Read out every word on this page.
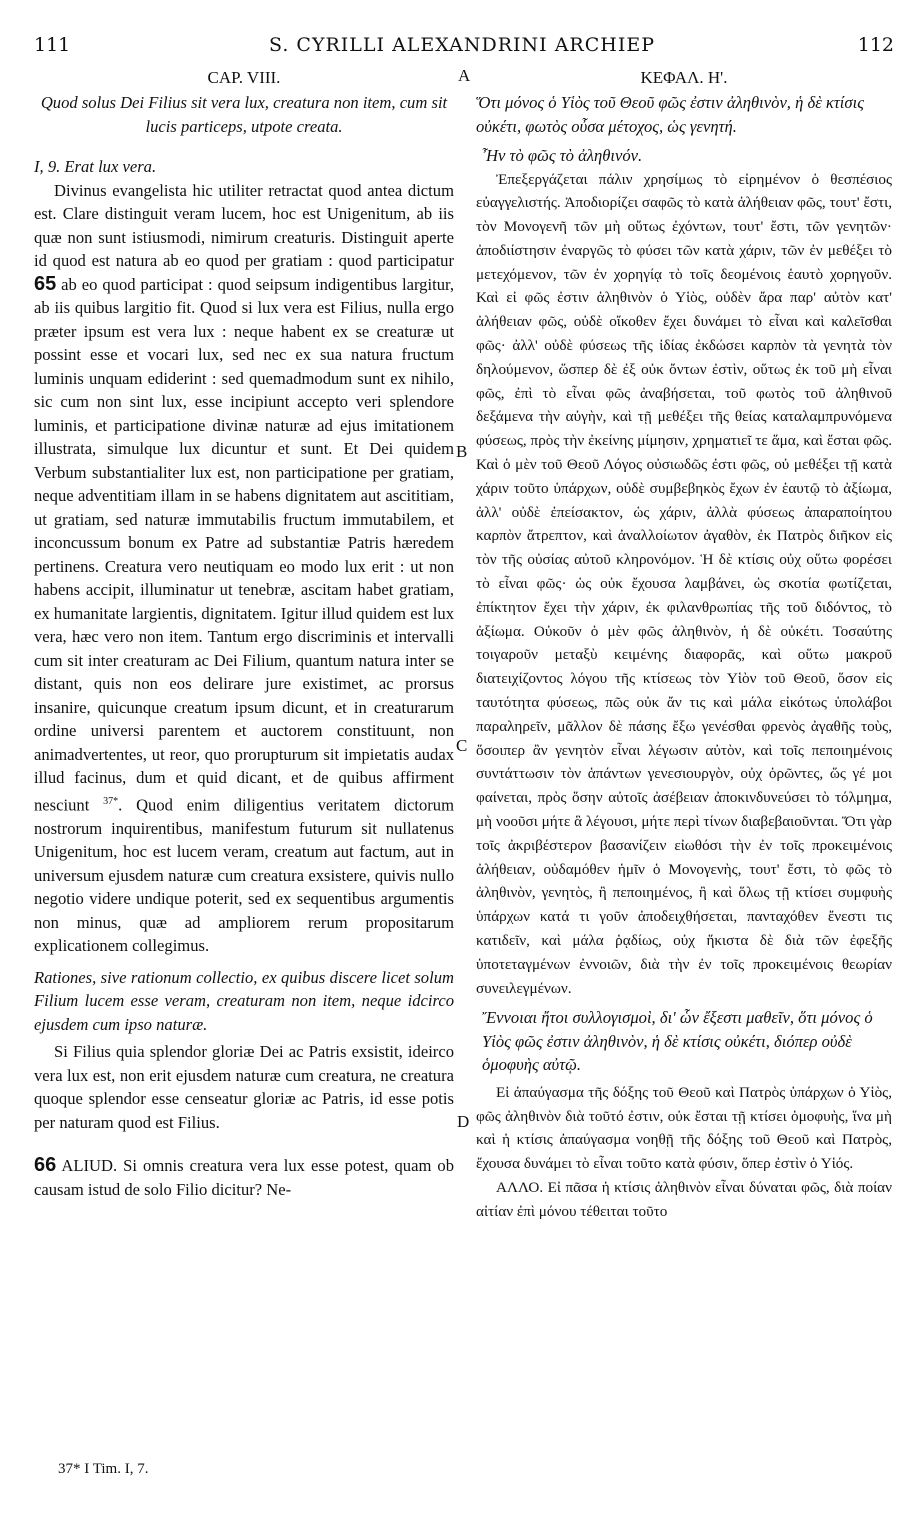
111	S. CYRILLI ALEXANDRINI ARCHIEP	112
A
B
C
D

CAP. VIII.

Quod solus Dei Filius sit vera lux, creatura non item, cum sit lucis particeps, utpote creata.

I, 9. Erat lux vera.

Divinus evangelista hic utiliter retractat quod antea dictum est. Clare distinguit veram lucem, hoc est Unigenitum, ab iis quæ non sunt istiusmodi, nimirum creaturis. Distinguit aperte id quod est natura ab eo quod per gratiam : quod participatur 65 ab eo quod participat : quod seipsum indigentibus largitur, ab iis quibus largitio fit. Quod si lux vera est Filius, nulla ergo præter ipsum est vera lux : neque habent ex se creaturæ ut possint esse et vocari lux, sed nec ex sua natura fructum luminis unquam ediderint : sed quemadmodum sunt ex nihilo, sic cum non sint lux, esse incipiunt accepto veri splendore luminis, et participatione divinæ naturæ ad ejus imitationem illustrata, simulque lux dicuntur et sunt. Et Dei quidem Verbum substantialiter lux est, non participatione per gratiam, neque adventitiam illam in se habens dignitatem aut ascititiam, ut gratiam, sed naturæ immutabilis fructum immutabilem, et inconcussum bonum ex Patre ad substantiæ Patris hæredem pertinens. Creatura vero neutiquam eo modo lux erit : ut non habens accipit, illuminatur ut tenebræ, ascitam habet gratiam, ex humanitate largientis, dignitatem. Igitur illud quidem est lux vera, hæc vero non item. Tantum ergo discriminis et intervalli cum sit inter creaturam ac Dei Filium, quantum natura inter se distant, quis non eos delirare jure existimet, ac prorsus insanire, quicunque creatum ipsum dicunt, et in creaturarum ordine universi parentem et auctorem constituunt, non animadvertentes, ut reor, quo prorupturum sit impietatis audax illud facinus, dum et quid dicant, et de quibus affirment nesciunt $^{37*}$. Quod enim diligentius veritatem dictorum nostrorum inquirentibus, manifestum futurum sit nullatenus Unigenitum, hoc est lucem veram, creatum aut factum, aut in universum ejusdem naturæ cum creatura exsistere, quivis nullo negotio videre undique poterit, sed ex sequentibus argumentis non minus, quæ ad ampliorem rerum propositarum explicationem collegimus.

Rationes, sive rationum collectio, ex quibus discere licet solum Filium lucem esse veram, creaturam non item, neque idcirco ejusdem cum ipso naturæ.

Si Filius quia splendor gloriæ Dei ac Patris exsistit, ideirco vera lux est, non erit ejusdem naturæ cum creatura, ne creatura quoque splendor esse censeatur gloriæ ac Patris, id esse potis per naturam quod est Filius.

66 ALIUD. Si omnis creatura vera lux esse potest, quam ob causam istud de solo Filio dicitur? Ne-

37* I Tim. I, 7.

ΚΕΦΑΛ. Η'.

Ὅτι μόνος ὁ Υἱὸς τοῦ Θεοῦ φῶς ἐστιν ἀληθινὸν, ἡ δὲ κτίσις οὐκέτι, φωτὸς οὖσα μέτοχος, ὡς γενητή.

Ἦν τὸ φῶς τὸ ἀληθινόν.

Ἐπεξεργάζεται πάλιν χρησίμως τὸ εἰρημένον ὁ θεσπέσιος εὐαγγελιστής. Ἀποδιορίζει σαφῶς τὸ κατὰ ἀλήθειαν φῶς, τουτ' ἔστι, τὸν Μονογενῆ τῶν μὴ οὕτως ἐχόντων, τουτ' ἔστι, τῶν γενητῶν· ἀποδιίστησιν ἐναργῶς τὸ φύσει τῶν κατὰ χάριν, τῶν ἐν μεθέξει τὸ μετεχόμενον, τῶν ἐν χορηγίᾳ τὸ τοῖς δεομένοις ἑαυτὸ χορηγοῦν. Καὶ εἰ φῶς ἐστιν ἀληθινὸν ὁ Υἱὸς, οὐδὲν ἄρα παρ' αὐτὸν κατ' ἀλήθειαν φῶς, οὐδὲ οἴκοθεν ἔχει δυνάμει τὸ εἶναι καὶ καλεῖσθαι φῶς· ἀλλ' οὐδὲ φύσεως τῆς ἰδίας ἐκδώσει καρπὸν τὰ γενητὰ τὸν δηλούμενον, ὥσπερ δὲ ἐξ οὐκ ὄντων ἐστὶν, οὕτως ἐκ τοῦ μὴ εἶναι φῶς, ἐπὶ τὸ εἶναι φῶς ἀναβήσεται, τοῦ φωτὸς τοῦ ἀληθινοῦ δεξάμενα τὴν αὐγὴν, καὶ τῇ μεθέξει τῆς θείας καταλαμπρυνόμενα φύσεως, πρὸς τὴν ἐκείνης μίμησιν, χρηματιεῖ τε ἅμα, καὶ ἔσται φῶς. Καὶ ὁ μὲν τοῦ Θεοῦ Λόγος οὐσιωδῶς ἐστι φῶς, οὐ μεθέξει τῇ κατὰ χάριν τοῦτο ὑπάρχων, οὐδὲ συμβεβηκὸς ἔχων ἐν ἑαυτῷ τὸ ἀξίωμα, ἀλλ' οὐδὲ ἐπείσακτον, ὡς χάριν, ἀλλὰ φύσεως ἀπαραποίητου καρπὸν ἄτρεπτον, καὶ ἀναλλοίωτον ἀγαθὸν, ἐκ Πατρὸς διῆκον εἰς τὸν τῆς οὐσίας αὐτοῦ κληρονόμον. Ἡ δὲ κτίσις οὐχ οὕτω φορέσει τὸ εἶναι φῶς· ὡς οὐκ ἔχουσα λαμβάνει, ὡς σκοτία φωτίζεται, ἐπίκτητον ἔχει τὴν χάριν, ἐκ φιλανθρωπίας τῆς τοῦ διδόντος, τὸ ἀξίωμα. Οὐκοῦν ὁ μὲν φῶς ἀληθινὸν, ἡ δὲ οὐκέτι. Τοσαύτης τοιγαροῦν μεταξὺ κειμένης διαφορᾶς, καὶ οὕτω μακροῦ διατειχίζοντος λόγου τῆς κτίσεως τὸν Υἱὸν τοῦ Θεοῦ, ὅσον εἰς ταυτότητα φύσεως, πῶς οὐκ ἄν τις καὶ μάλα εἰκότως ὑπολάβοι παραληρεῖν, μᾶλλον δὲ πάσης ἔξω γενέσθαι φρενὸς ἀγαθῆς τοὺς, ὅσοιπερ ἂν γενητὸν εἶναι λέγωσιν αὐτὸν, καὶ τοῖς πεποιημένοις συντάττωσιν τὸν ἁπάντων γενεσιουργὸν, οὐχ ὁρῶντες, ὥς γέ μοι φαίνεται, πρὸς ὅσην αὐτοῖς ἀσέβειαν ἀποκινδυνεύσει τὸ τόλμημα, μὴ νοοῦσι μήτε ἃ λέγουσι, μήτε περὶ τίνων διαβεβαιοῦνται. Ὅτι γὰρ τοῖς ἀκριβέστερον βασανίζειν εἰωθόσι τὴν ἐν τοῖς προκειμένοις ἀλήθειαν, οὐδαμόθεν ἡμῖν ὁ Μονογενὴς, τουτ' ἔστι, τὸ φῶς τὸ ἀληθινὸν, γενητὸς, ἢ πεποιημένος, ἢ καὶ ὅλως τῇ κτίσει συμφυὴς ὑπάρχων κατά τι γοῦν ἀποδειχθήσεται, πανταχόθεν ἔνεστι τις κατιδεῖν, καὶ μάλα ῥᾳδίως, οὐχ ἥκιστα δὲ διὰ τῶν ἐφεξῆς ὑποτεταγμένων ἐννοιῶν, διὰ τὴν ἐν τοῖς προκειμένοις θεωρίαν συνειλεγμένων.

Ἔννοιαι ἤτοι συλλογισμοὶ, δι' ὧν ἔξεστι μαθεῖν, ὅτι μόνος ὁ Υἱὸς φῶς ἐστιν ἀληθινὸν, ἡ δὲ κτίσις οὐκέτι, διόπερ οὐδὲ ὁμοφυὴς αὐτῷ.

Εἰ ἀπαύγασμα τῆς δόξης τοῦ Θεοῦ καὶ Πατρὸς ὑπάρχων ὁ Υἱὸς, φῶς ἀληθινὸν διὰ τοῦτό ἐστιν, οὐκ ἔσται τῇ κτίσει ὁμοφυὴς, ἵνα μὴ καὶ ἡ κτίσις ἀπαύγασμα νοηθῇ τῆς δόξης τοῦ Θεοῦ καὶ Πατρὸς, ἔχουσα δυνάμει τὸ εἶναι τοῦτο κατὰ φύσιν, ὅπερ ἐστὶν ὁ Υἱός.

ΑΛΛΟ. Εἰ πᾶσα ἡ κτίσις ἀληθινὸν εἶναι δύναται φῶς, διὰ ποίαν αἰτίαν ἐπὶ μόνου τέθειται τοῦτο
